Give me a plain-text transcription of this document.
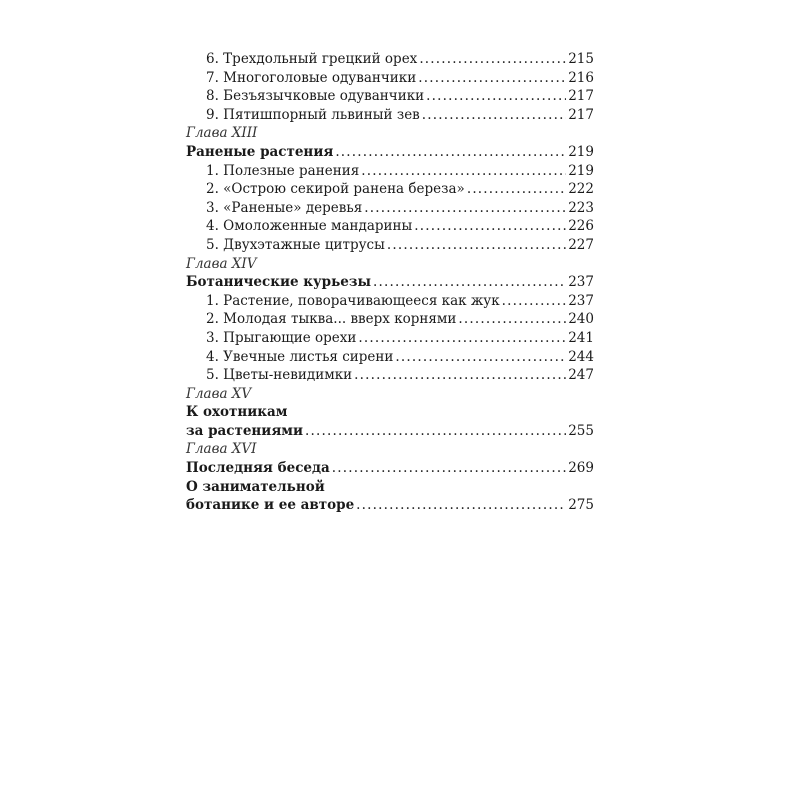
6. Трехдольный грецкий орех .....	215
7. Многоголовые одуванчики .....	216
8. Безъязычковые одуванчики .....	217
9. Пятишпорный львиный зев .....	217
Глава XIII
Раненые растения .....	219
1. Полезные ранения .....	219
2. «Острою секирой ранена береза» .....	222
3. «Раненые» деревья .....	223
4. Омоложенные мандарины .....	226
5. Двухэтажные цитрусы .....	227
Глава XIV
Ботанические курьезы .....	237
1. Растение, поворачивающееся как жук .....	237
2. Молодая тыква... вверх корнями .....	240
3. Прыгающие орехи .....	241
4. Увечные листья сирени .....	244
5. Цветы-невидимки .....	247
Глава XV
К охотникам
за растениями .....	255
Глава XVI
Последняя беседа .....	269
О занимательной
ботанике и ее авторе .....	275
